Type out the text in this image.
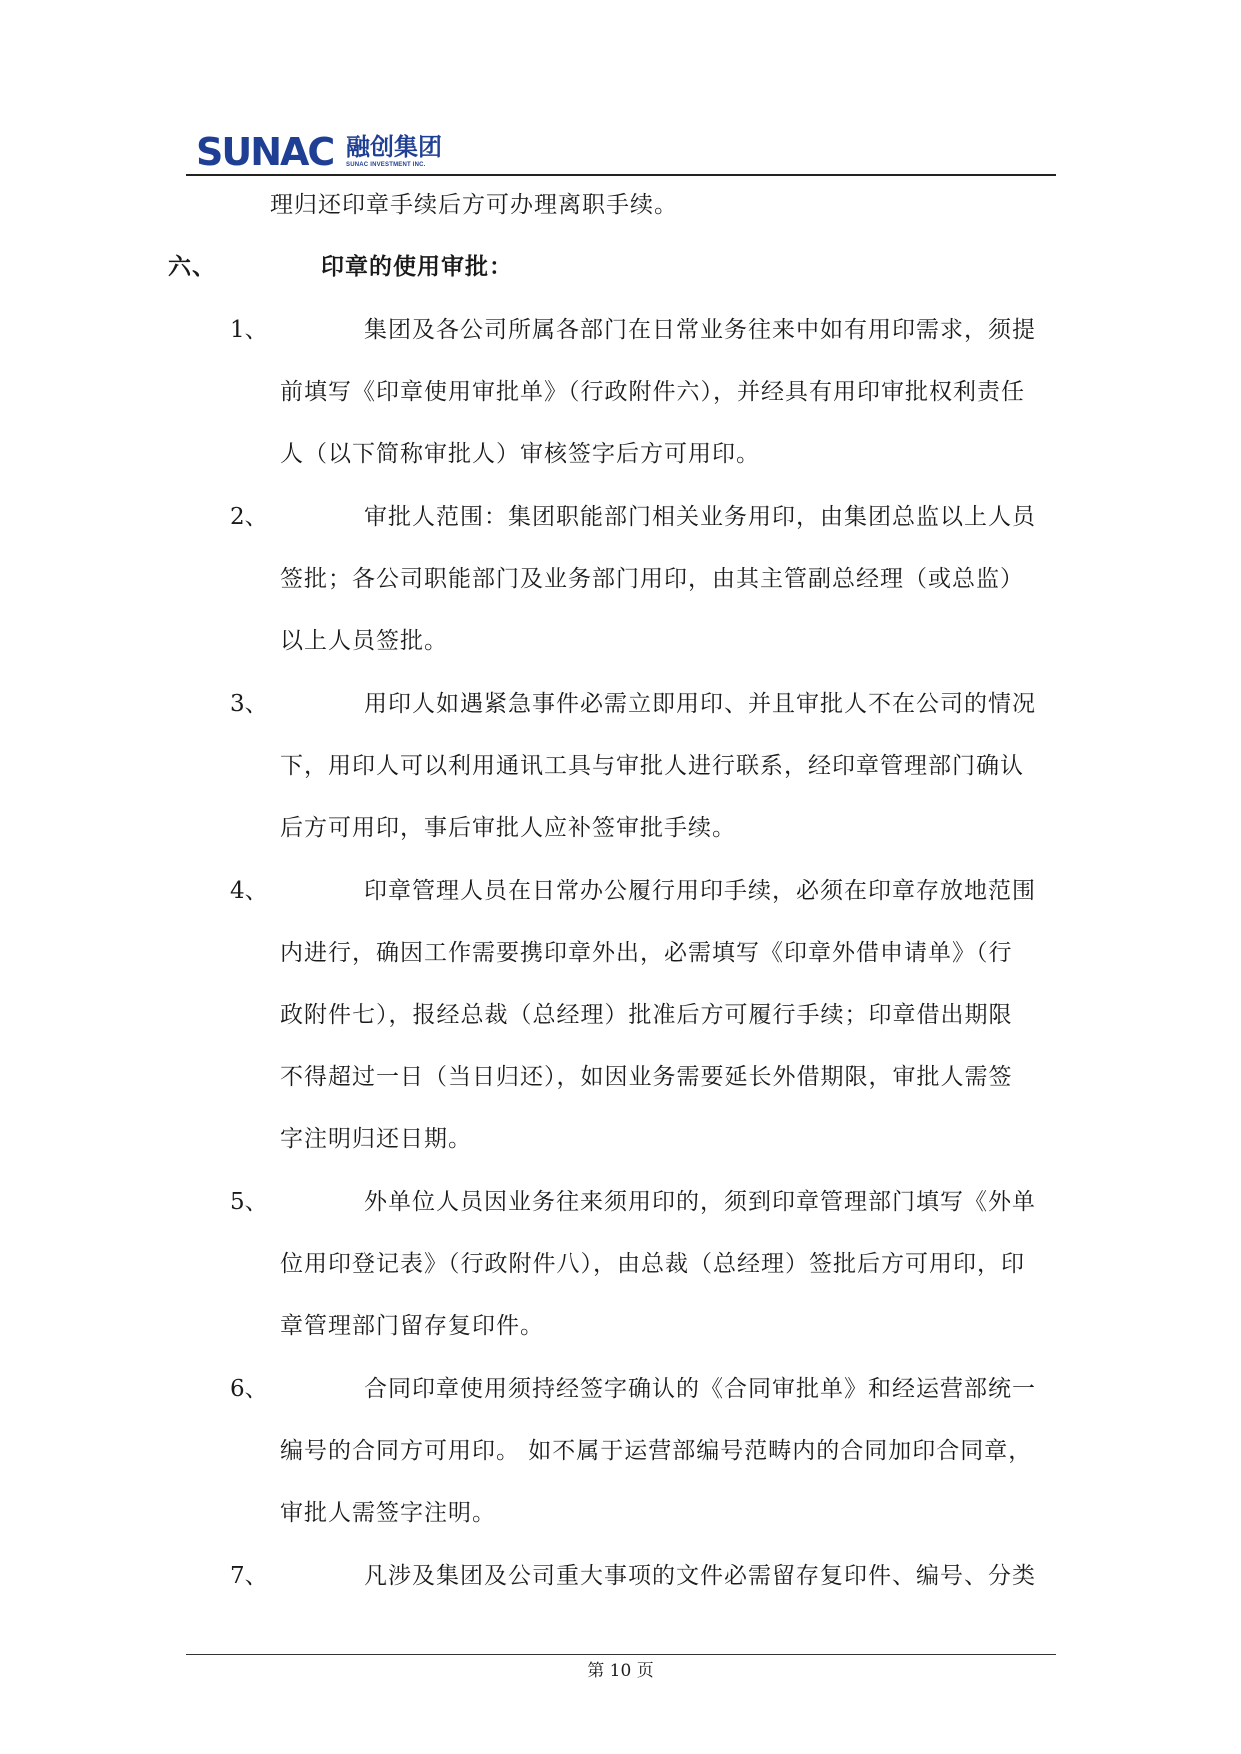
SUNAC 融创集团
SUNAC INVESTMENT INC.
理归还印章手续后方可办理离职手续。
六、	印章的使用审批：
1、	集团及各公司所属各部门在日常业务往来中如有用印需求，须提
前填写《印章使用审批单》（行政附件六），并经具有用印审批权利责任
人（以下简称审批人）审核签字后方可用印。
2、	审批人范围：集团职能部门相关业务用印，由集团总监以上人员
签批；各公司职能部门及业务部门用印，由其主管副总经理（或总监）
以上人员签批。
3、	用印人如遇紧急事件必需立即用印、并且审批人不在公司的情况
下，用印人可以利用通讯工具与审批人进行联系，经印章管理部门确认
后方可用印，事后审批人应补签审批手续。
4、	印章管理人员在日常办公履行用印手续，必须在印章存放地范围
内进行，确因工作需要携印章外出，必需填写《印章外借申请单》（行
政附件七），报经总裁（总经理）批准后方可履行手续；印章借出期限
不得超过一日（当日归还），如因业务需要延长外借期限，审批人需签
字注明归还日期。
5、	外单位人员因业务往来须用印的，须到印章管理部门填写《外单
位用印登记表》（行政附件八），由总裁（总经理）签批后方可用印，印
章管理部门留存复印件。
6、	合同印章使用须持经签字确认的《合同审批单》和经运营部统一
编号的合同方可用印。 如不属于运营部编号范畴内的合同加印合同章，
审批人需签字注明。
7、	凡涉及集团及公司重大事项的文件必需留存复印件、编号、分类
第 10 页
